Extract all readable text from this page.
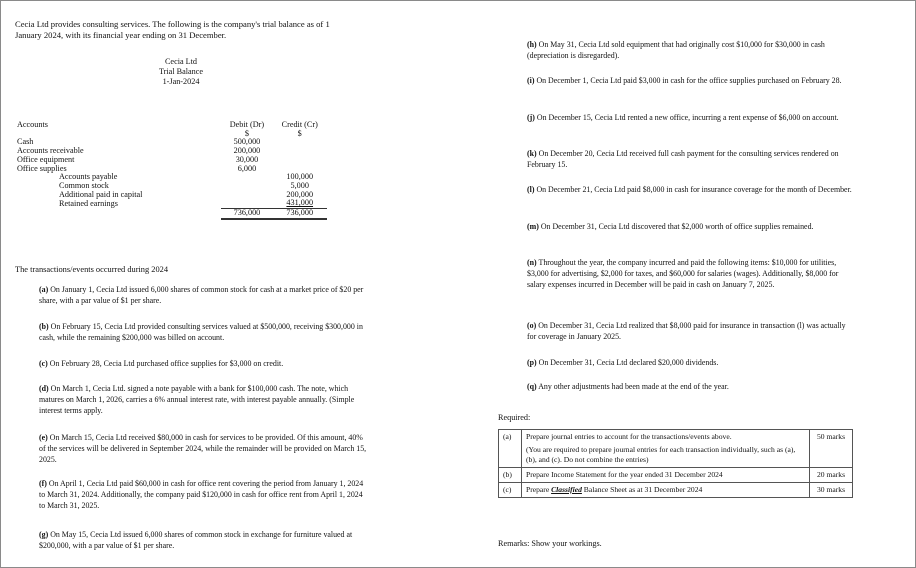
Cecia Ltd provides consulting services. The following is the company's trial balance as of 1 January 2024, with its financial year ending on 31 December.

Cecia Ltd
Trial Balance
1-Jan-2024
Accounts	Debit (Dr)	Credit (Cr)
	$	$
Cash	500,000	
Accounts receivable	200,000	
Office equipment	30,000	
Office supplies	6,000	
Accounts payable		100,000
Common stock		5,000
Additional paid in capital		200,000
Retained earnings		431,000
	736,000	736,000
The transactions/events occurred during 2024

(a) On January 1, Cecia Ltd issued 6,000 shares of common stock for cash at a market price of $20 per share, with a par value of $1 per share.

(b) On February 15, Cecia Ltd provided consulting services valued at $500,000, receiving $300,000 in cash, while the remaining $200,000 was billed on account.

(c) On February 28, Cecia Ltd purchased office supplies for $3,000 on credit.

(d) On March 1, Cecia Ltd. signed a note payable with a bank for $100,000 cash. The note, which matures on March 1, 2026, carries a 6% annual interest rate, with interest payable annually. (Simple interest terms apply.

(e) On March 15, Cecia Ltd received $80,000 in cash for services to be provided. Of this amount, 40% of the services will be delivered in September 2024, while the remainder will be provided on March 15, 2025.

(f) On April 1, Cecia Ltd paid $60,000 in cash for office rent covering the period from January 1, 2024 to March 31, 2024. Additionally, the company paid $120,000 in cash for office rent from April 1, 2024 to March 31, 2025.

(g) On May 15, Cecia Ltd issued 6,000 shares of common stock in exchange for furniture valued at $200,000, with a par value of $1 per share.

(h) On May 31, Cecia Ltd sold equipment that had originally cost $10,000 for $30,000 in cash (depreciation is disregarded).

(i) On December 1, Cecia Ltd paid $3,000 in cash for the office supplies purchased on February 28.

(j) On December 15, Cecia Ltd rented a new office, incurring a rent expense of $6,000 on account.

(k) On December 20, Cecia Ltd received full cash payment for the consulting services rendered on February 15.

(l) On December 21, Cecia Ltd paid $8,000 in cash for insurance coverage for the month of December.

(m) On December 31, Cecia Ltd discovered that $2,000 worth of office supplies remained.

(n) Throughout the year, the company incurred and paid the following items: $10,000 for utilities, $3,000 for advertising, $2,000 for taxes, and $60,000 for salaries (wages). Additionally, $8,000 for salary expenses incurred in December will be paid in cash on January 7, 2025.

(o) On December 31, Cecia Ltd realized that $8,000 paid for insurance in transaction (l) was actually for coverage in January 2025.

(p) On December 31, Cecia Ltd declared $20,000 dividends.

(q) Any other adjustments had been made at the end of the year.

Required:
(a)	Prepare journal entries to account for the transactions/events above.
(You are required to prepare journal entries for each transaction individually, such as (a), (b), and (c). Do not combine the entries)	50 marks
(b)	Prepare Income Statement for the year ended 31 December 2024	20 marks
(c)	Prepare Classified Balance Sheet as at 31 December 2024	30 marks
Remarks: Show your workings.
